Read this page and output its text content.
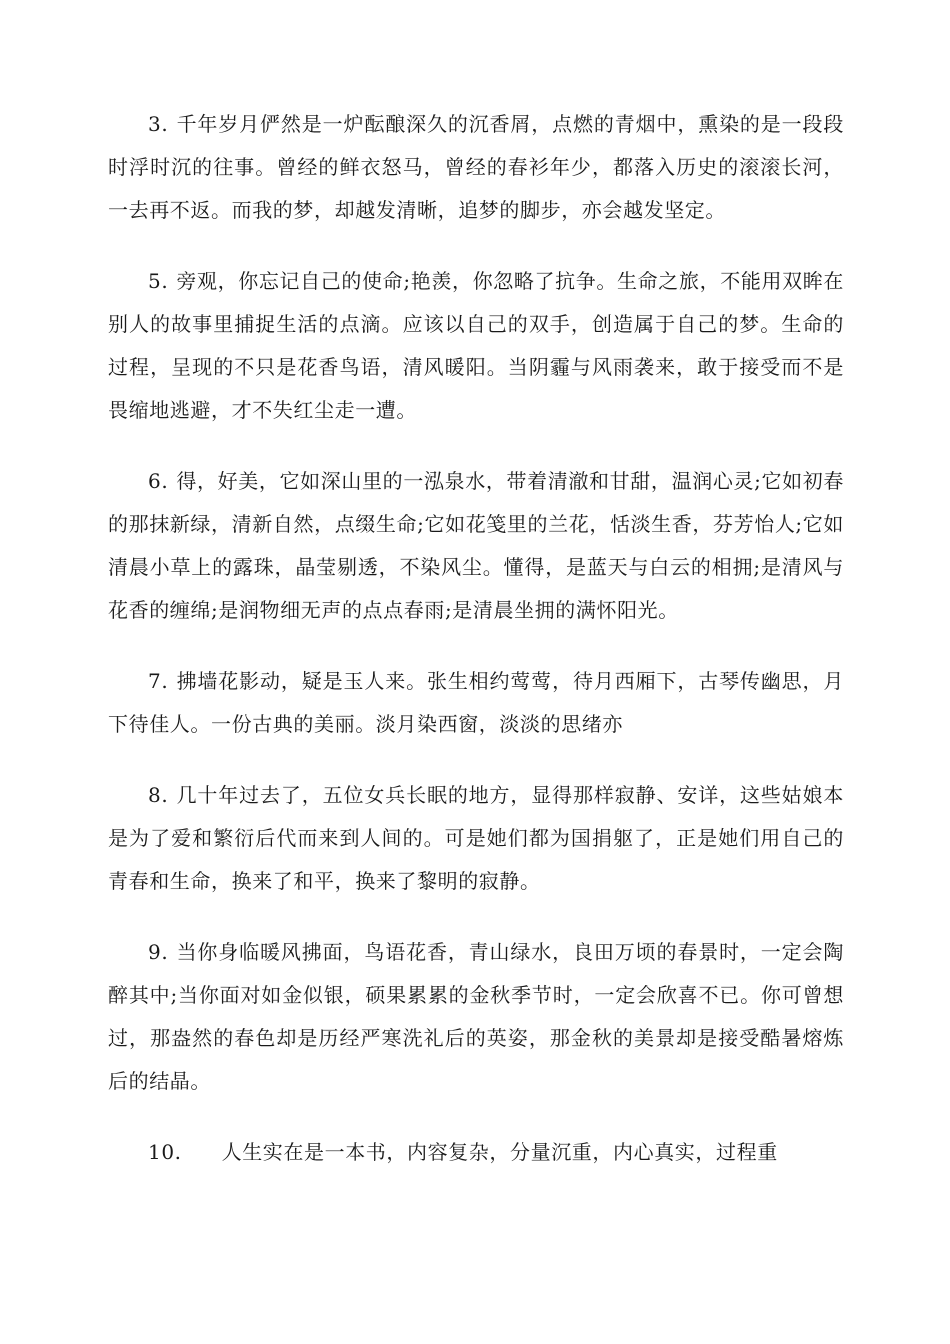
3. 千年岁月俨然是一炉酝酿深久的沉香屑，点燃的青烟中，熏染的是一段段时浮时沉的往事。曾经的鲜衣怒马，曾经的春衫年少，都落入历史的滚滚长河，一去再不返。而我的梦，却越发清晰，追梦的脚步，亦会越发坚定。

5. 旁观，你忘记自己的使命;艳羡，你忽略了抗争。生命之旅，不能用双眸在别人的故事里捕捉生活的点滴。应该以自己的双手，创造属于自己的梦。生命的过程，呈现的不只是花香鸟语，清风暖阳。当阴霾与风雨袭来，敢于接受而不是畏缩地逃避，才不失红尘走一遭。

6. 得，好美，它如深山里的一泓泉水，带着清澈和甘甜，温润心灵;它如初春的那抹新绿，清新自然，点缀生命;它如花笺里的兰花，恬淡生香，芬芳怡人;它如清晨小草上的露珠，晶莹剔透，不染风尘。懂得，是蓝天与白云的相拥;是清风与花香的缠绵;是润物细无声的点点春雨;是清晨坐拥的满怀阳光。

7. 拂墙花影动，疑是玉人来。张生相约莺莺，待月西厢下，古琴传幽思，月下待佳人。一份古典的美丽。淡月染西窗，淡淡的思绪亦

8. 几十年过去了，五位女兵长眠的地方，显得那样寂静、安详，这些姑娘本是为了爱和繁衍后代而来到人间的。可是她们都为国捐躯了，正是她们用自己的青春和生命，换来了和平，换来了黎明的寂静。

9. 当你身临暖风拂面，鸟语花香，青山绿水，良田万顷的春景时，一定会陶醉其中;当你面对如金似银，硕果累累的金秋季节时，一定会欣喜不已。你可曾想过，那盎然的春色却是历经严寒洗礼后的英姿，那金秋的美景却是接受酷暑熔炼后的结晶。

10. 人生实在是一本书，内容复杂，分量沉重，内心真实，过程重
